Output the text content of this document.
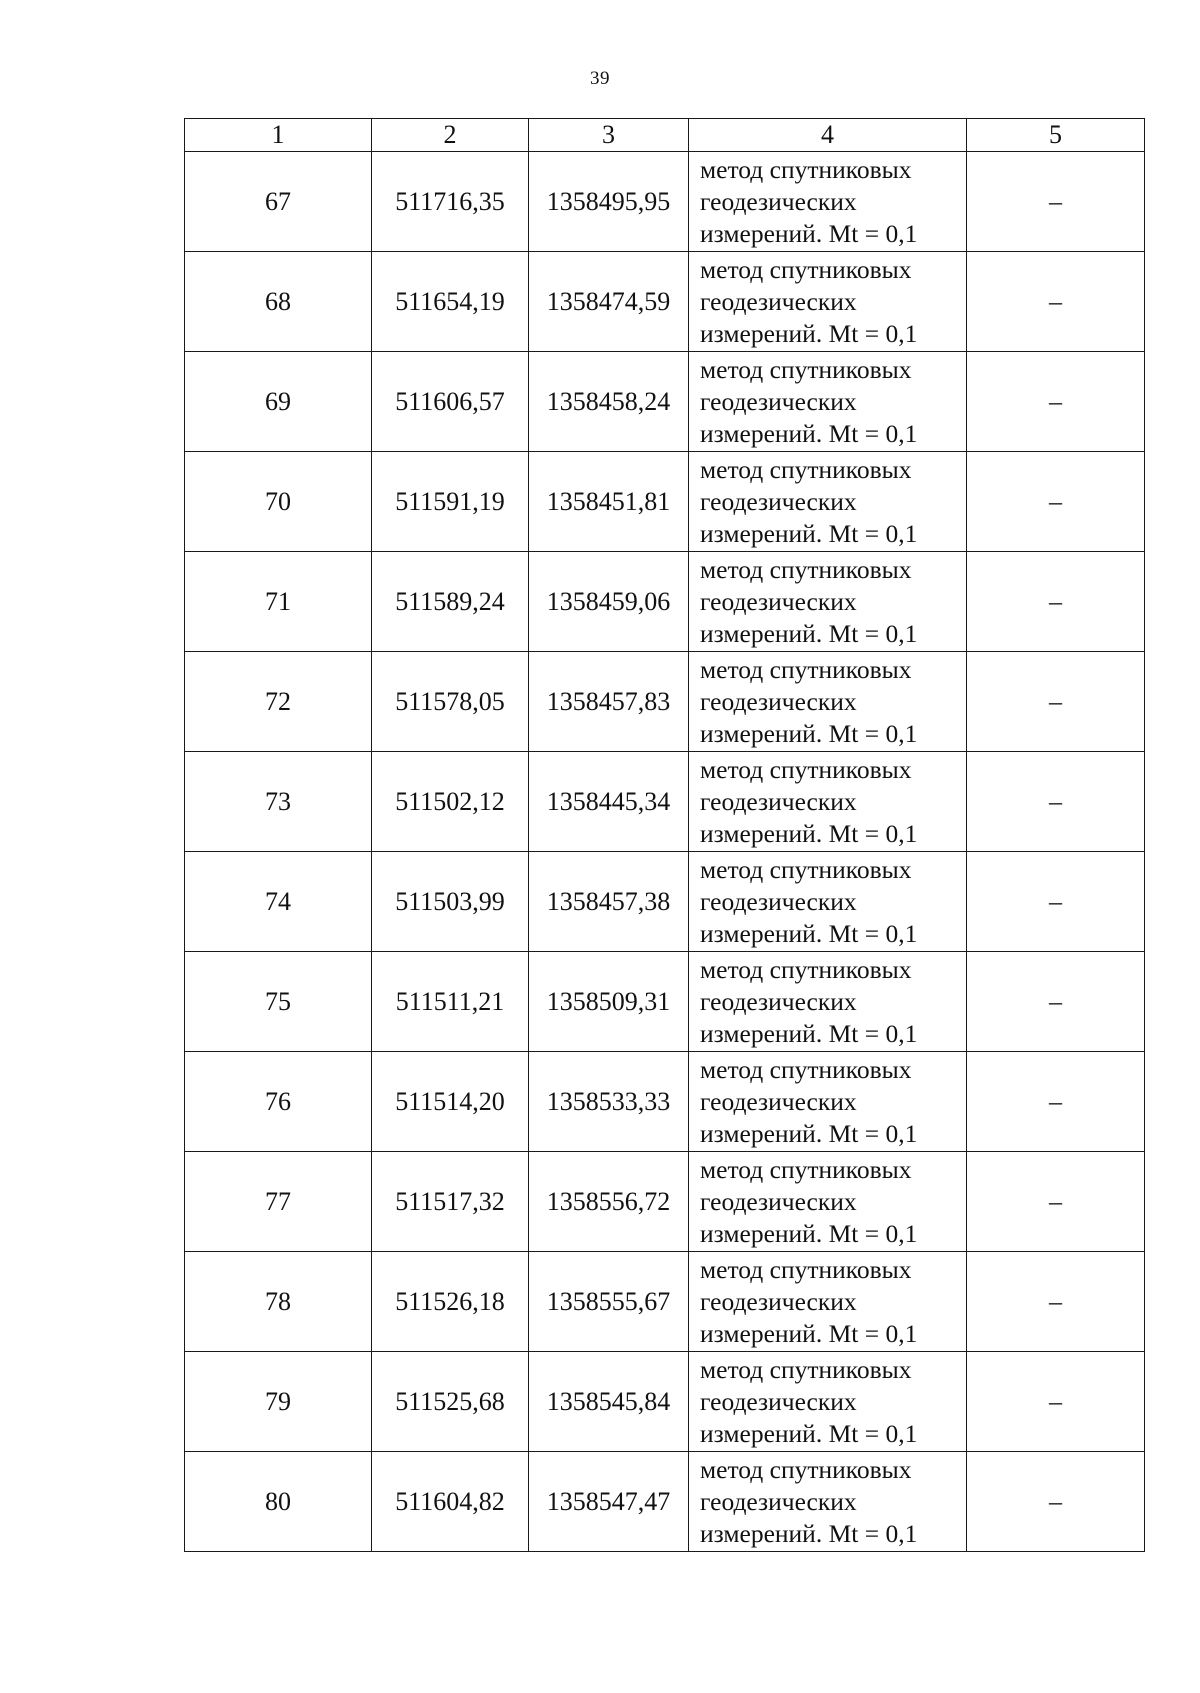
39
1	2	3	4	5
67	511716,35	1358495,95	метод спутниковых
геодезических
измерений. Mt = 0,1	–
68	511654,19	1358474,59	метод спутниковых
геодезических
измерений. Mt = 0,1	–
69	511606,57	1358458,24	метод спутниковых
геодезических
измерений. Mt = 0,1	–
70	511591,19	1358451,81	метод спутниковых
геодезических
измерений. Mt = 0,1	–
71	511589,24	1358459,06	метод спутниковых
геодезических
измерений. Mt = 0,1	–
72	511578,05	1358457,83	метод спутниковых
геодезических
измерений. Mt = 0,1	–
73	511502,12	1358445,34	метод спутниковых
геодезических
измерений. Mt = 0,1	–
74	511503,99	1358457,38	метод спутниковых
геодезических
измерений. Mt = 0,1	–
75	511511,21	1358509,31	метод спутниковых
геодезических
измерений. Mt = 0,1	–
76	511514,20	1358533,33	метод спутниковых
геодезических
измерений. Mt = 0,1	–
77	511517,32	1358556,72	метод спутниковых
геодезических
измерений. Mt = 0,1	–
78	511526,18	1358555,67	метод спутниковых
геодезических
измерений. Mt = 0,1	–
79	511525,68	1358545,84	метод спутниковых
геодезических
измерений. Mt = 0,1	–
80	511604,82	1358547,47	метод спутниковых
геодезических
измерений. Mt = 0,1	–
